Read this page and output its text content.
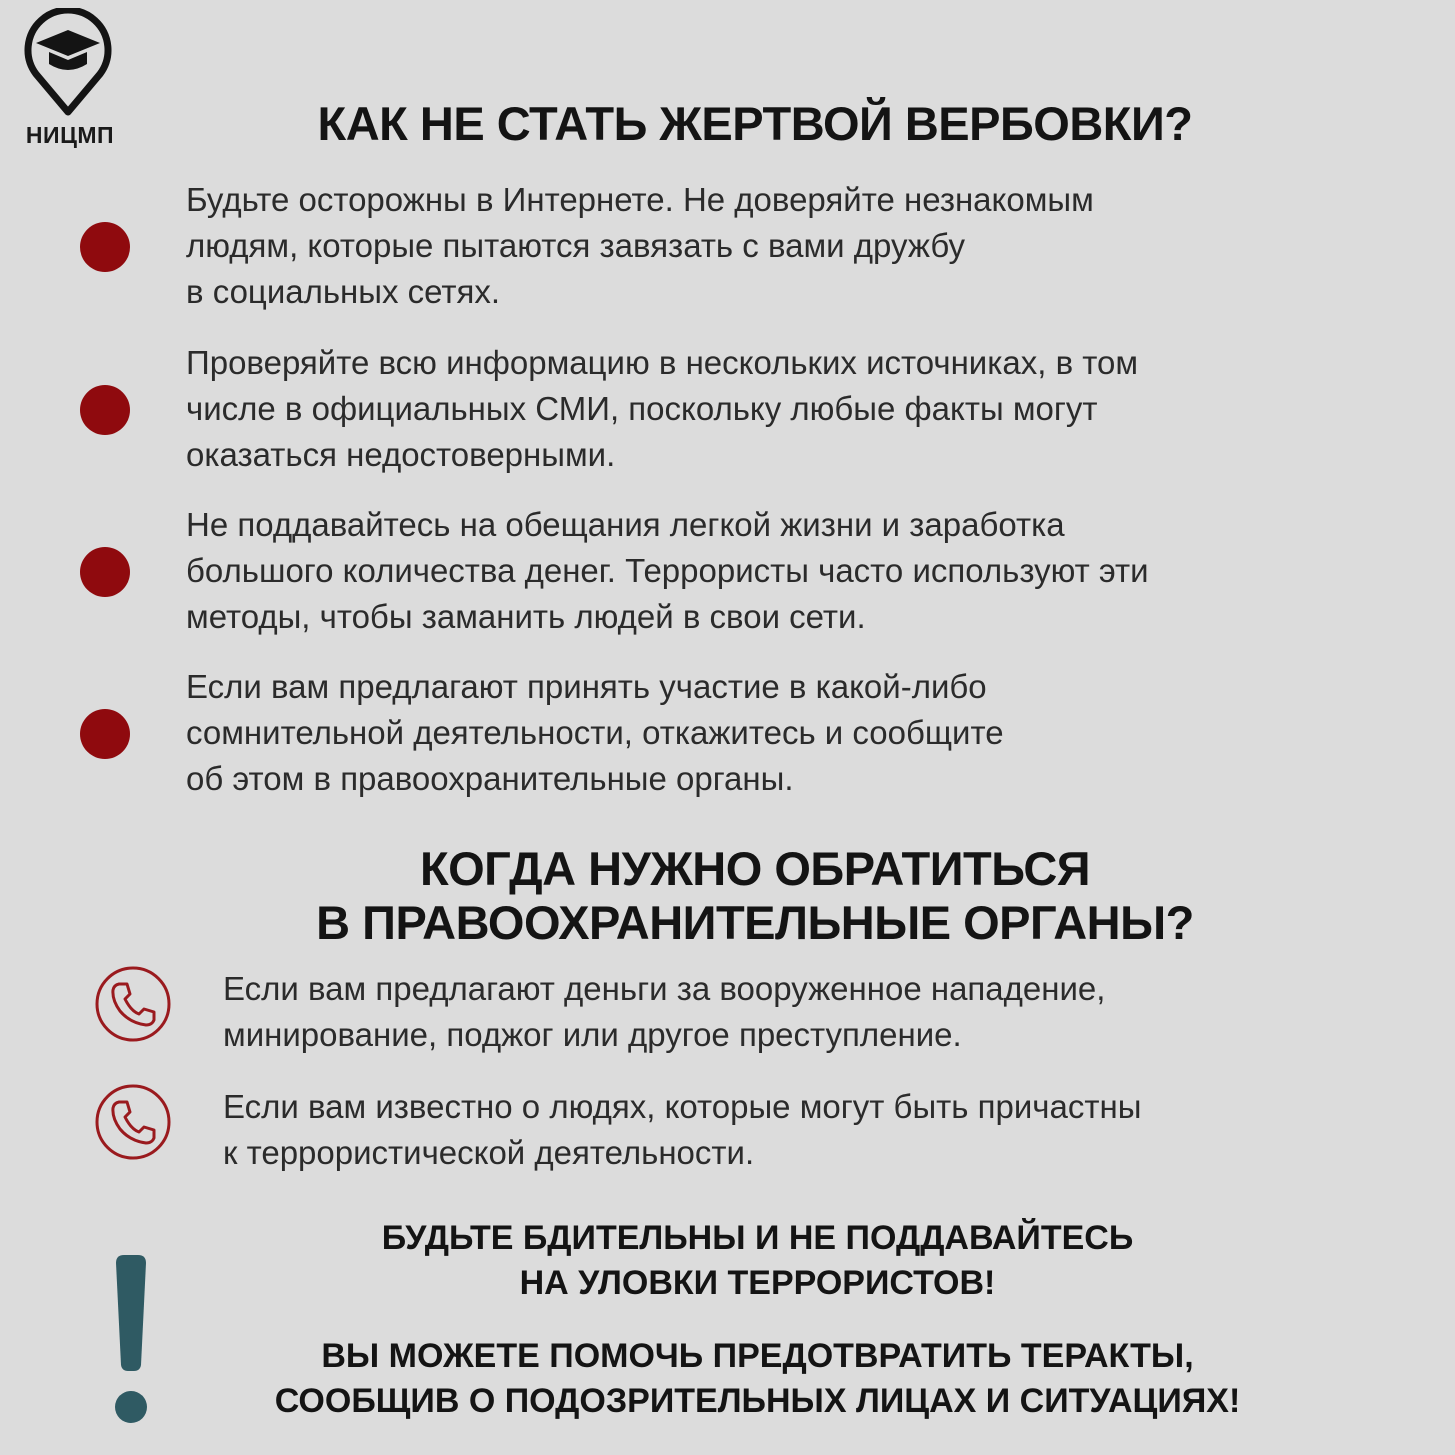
НИЦМП	КАК НЕ СТАТЬ ЖЕРТВОЙ ВЕРБОВКИ?
Будьте осторожны в Интернете. Не доверяйте незнакомым
людям, которые пытаются завязать с вами дружбу
в социальных сетях.
Проверяйте всю информацию в нескольких источниках, в том
числе в официальных СМИ, поскольку любые факты могут
оказаться недостоверными.
Не поддавайтесь на обещания легкой жизни и заработка
большого количества денег. Террористы часто используют эти
методы, чтобы заманить людей в свои сети.
Если вам предлагают принять участие в какой-либо
сомнительной деятельности, откажитесь и сообщите
об этом в правоохранительные органы.
КОГДА НУЖНО ОБРАТИТЬСЯ
В ПРАВООХРАНИТЕЛЬНЫЕ ОРГАНЫ?
Если вам предлагают деньги за вооруженное нападение,
минирование, поджог или другое преступление.
Если вам известно о людях, которые могут быть причастны
к террористической деятельности.
БУДЬТЕ БДИТЕЛЬНЫ И НЕ ПОДДАВАЙТЕСЬ
НА УЛОВКИ ТЕРРОРИСТОВ!
ВЫ МОЖЕТЕ ПОМОЧЬ ПРЕДОТВРАТИТЬ ТЕРАКТЫ,
СООБЩИВ О ПОДОЗРИТЕЛЬНЫХ ЛИЦАХ И СИТУАЦИЯХ!
